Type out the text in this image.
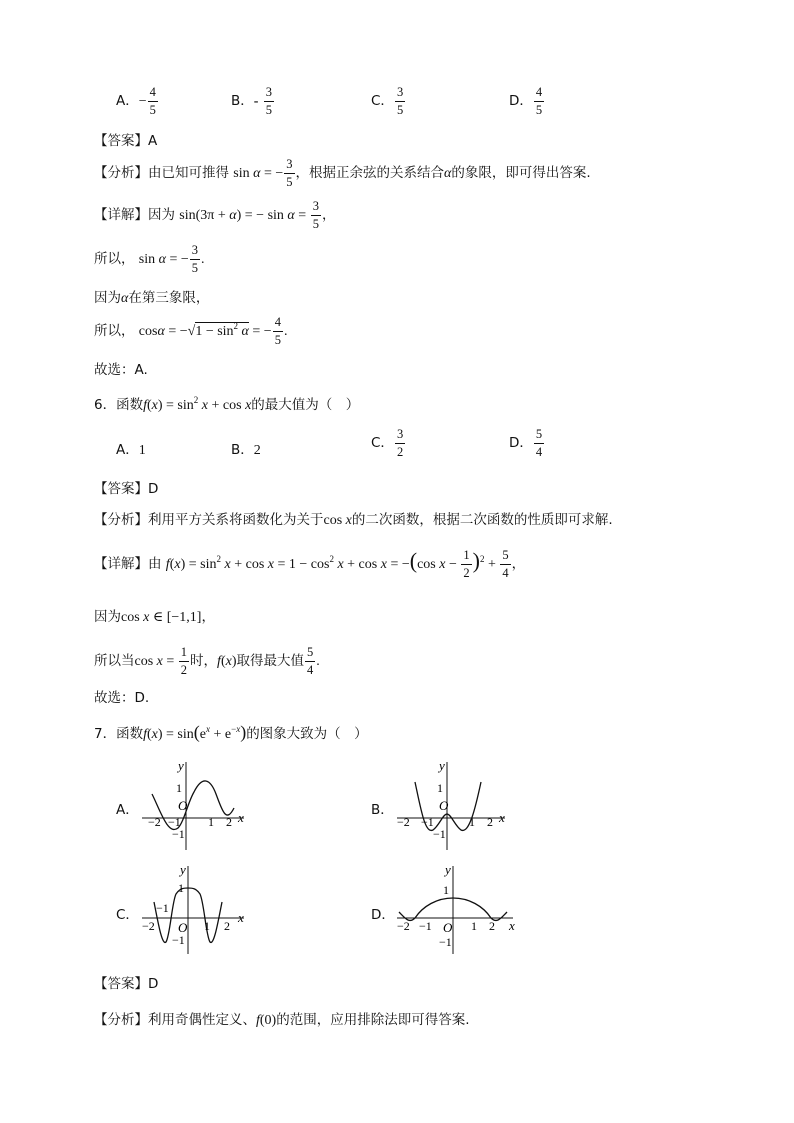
A．− $\frac{4}{5}$	B．- $\frac{3}{5}$	C． $\frac{3}{5}$	D． $\frac{4}{5}$
【答案】A
【分析】由已知可推得 sin α = − $\frac{3}{5}$ ，根据正余弦的关系结合α的象限，即可得出答案.
【详解】因为 sin(3π + α) = − $\sin \alpha = \frac{3}{5}$ ，
所以， sin α = − $\frac{3}{5}$ .
因为α在第三象限，
所以， $\cos\alpha = -√1 - \sin^2 \alpha$ = − $\frac{4}{5}$ .
故选：A.
6．函数$f(x) = \sin^2 x + \cos x$的最大值为（　）
A．1	B．2	C． $\frac{3}{2}$	D． $\frac{5}{4}$
【答案】D
【分析】利用平方关系将函数化为关于cos x的二次函数，根据二次函数的性质即可求解.
【详解】由 $f(x) = \sin^2 x + \cos x = 1 - \cos^2 x + \cos x = -(\cos$ $x - \frac{1}{2} )^2 + \frac{5}{4}$ ，
因为cos x ∈ [−1,1]，
所以当$\cos x = \frac{1}{2}$ 时，f(x)取得最大值 $\frac{5}{4}$ .
故选：D.
7．函数$f(x) = \sin(e^x + e^{-x})$的图象大致为（　）
A．	B．
C．	D．
y
x
1
O
−2 −1 1 2
−1
y
x
1
O
−2 −1	1 2
−1
y
x
1
−1
O
−2	1 2
−1
y
x
1
−2 −1 O 1 2
−1
【答案】D
【分析】利用奇偶性定义、f(0)的范围，应用排除法即可得答案.
